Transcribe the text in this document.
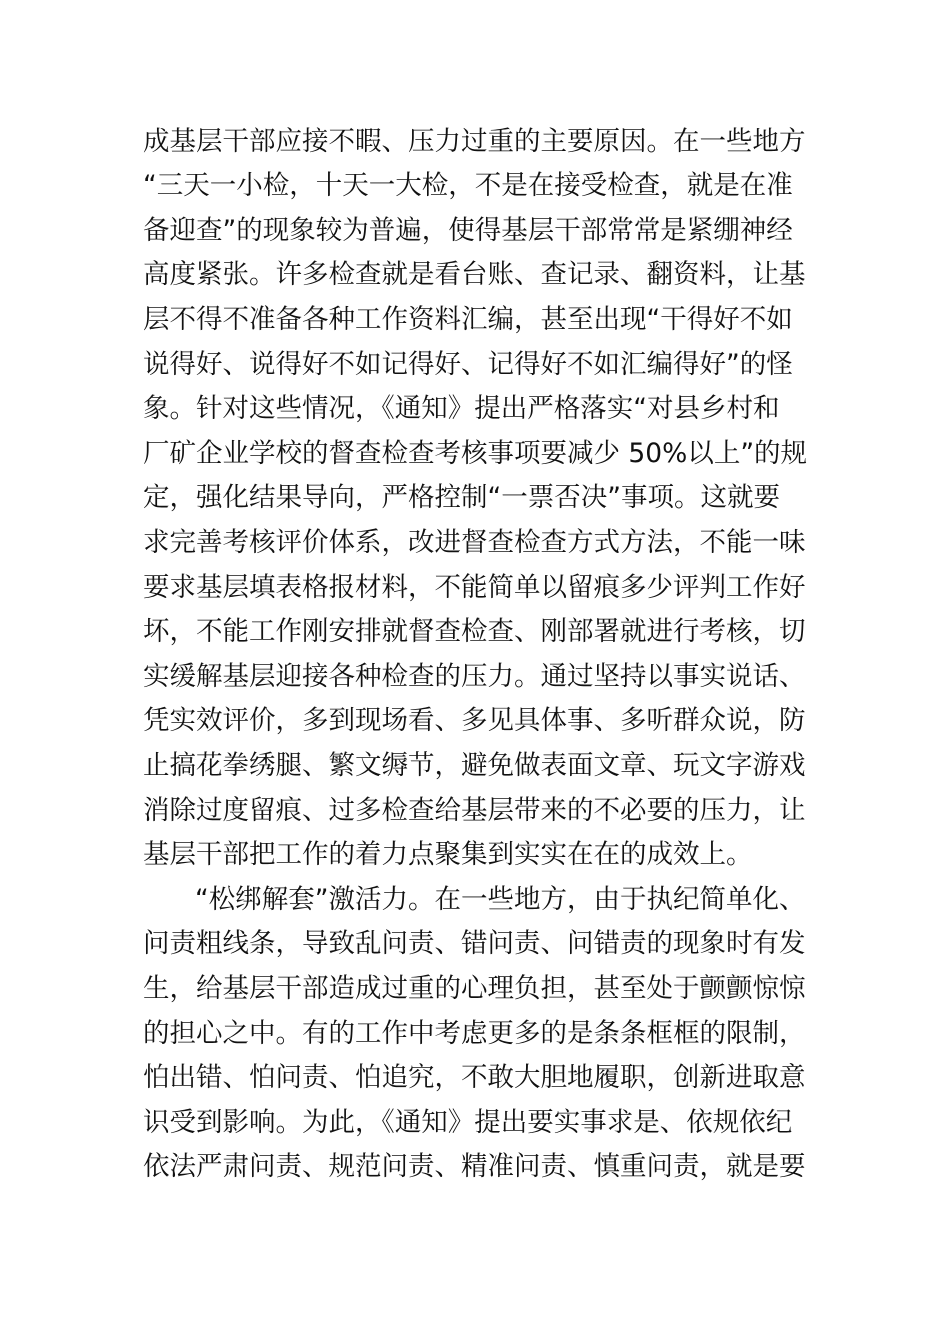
成基层干部应接不暇、压力过重的主要原因。在一些地方
“三天一小检，十天一大检，不是在接受检查，就是在准
备迎查”的现象较为普遍，使得基层干部常常是紧绷神经
高度紧张。许多检查就是看台账、查记录、翻资料，让基
层不得不准备各种工作资料汇编，甚至出现“干得好不如
说得好、说得好不如记得好、记得好不如汇编得好”的怪
象。针对这些情况，《通知》提出严格落实“对县乡村和
厂矿企业学校的督查检查考核事项要减少 50%以上”的规
定，强化结果导向，严格控制“一票否决”事项。这就要
求完善考核评价体系，改进督查检查方式方法，不能一味
要求基层填表格报材料，不能简单以留痕多少评判工作好
坏，不能工作刚安排就督查检查、刚部署就进行考核，切
实缓解基层迎接各种检查的压力。通过坚持以事实说话、
凭实效评价，多到现场看、多见具体事、多听群众说，防
止搞花拳绣腿、繁文缛节，避免做表面文章、玩文字游戏
消除过度留痕、过多检查给基层带来的不必要的压力，让
基层干部把工作的着力点聚集到实实在在的成效上。
“松绑解套”激活力。在一些地方，由于执纪简单化、
问责粗线条，导致乱问责、错问责、问错责的现象时有发
生，给基层干部造成过重的心理负担，甚至处于颤颤惊惊
的担心之中。有的工作中考虑更多的是条条框框的限制，
怕出错、怕问责、怕追究，不敢大胆地履职，创新进取意
识受到影响。为此，《通知》提出要实事求是、依规依纪
依法严肃问责、规范问责、精准问责、慎重问责，就是要
